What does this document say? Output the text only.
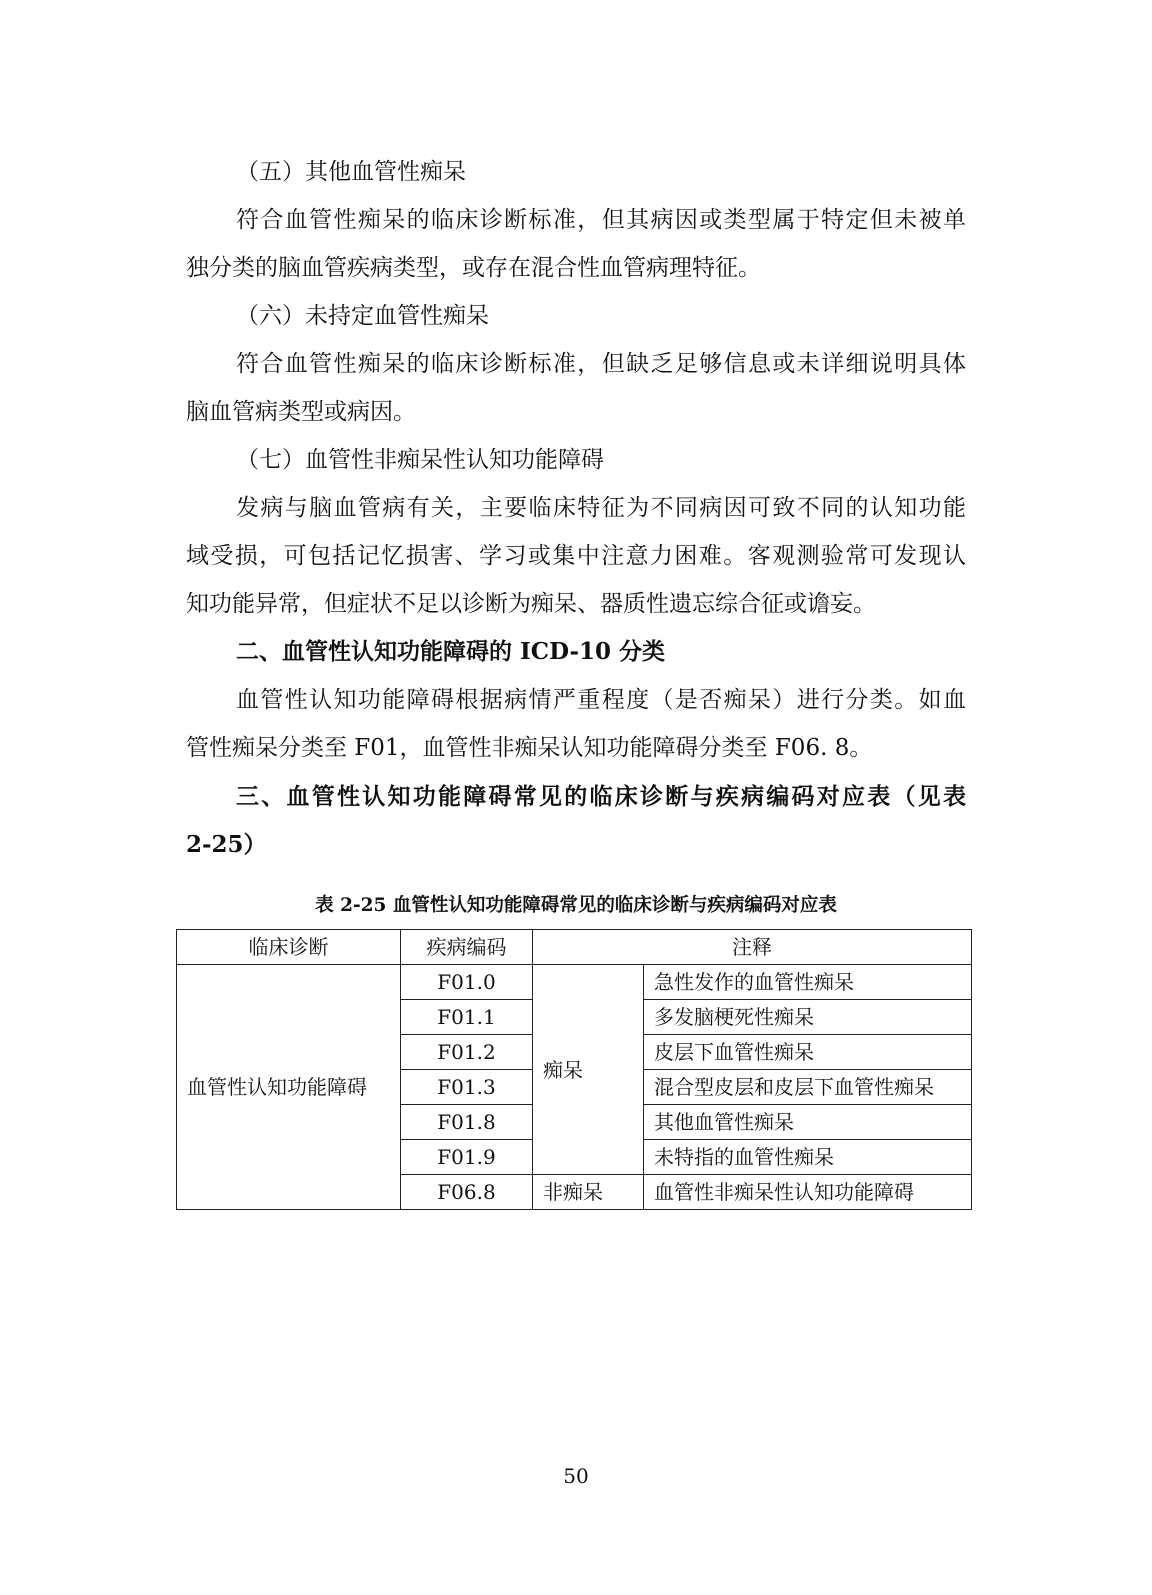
（五）其他血管性痴呆
符合血管性痴呆的临床诊断标准，但其病因或类型属于特定但未被单
独分类的脑血管疾病类型，或存在混合性血管病理特征。
（六）未持定血管性痴呆
符合血管性痴呆的临床诊断标准，但缺乏足够信息或未详细说明具体
脑血管病类型或病因。
（七）血管性非痴呆性认知功能障碍
发病与脑血管病有关，主要临床特征为不同病因可致不同的认知功能
域受损，可包括记忆损害、学习或集中注意力困难。客观测验常可发现认
知功能异常，但症状不足以诊断为痴呆、器质性遗忘综合征或谵妄。
二、血管性认知功能障碍的 ICD-10 分类
血管性认知功能障碍根据病情严重程度（是否痴呆）进行分类。如血
管性痴呆分类至 F01，血管性非痴呆认知功能障碍分类至 F06. 8。
三、血管性认知功能障碍常见的临床诊断与疾病编码对应表（见表
2-25）
表 2-25 血管性认知功能障碍常见的临床诊断与疾病编码对应表
临床诊断	疾病编码	注释	
血管性认知功能障碍	F01.0	痴呆	急性发作的血管性痴呆
	F01.1		多发脑梗死性痴呆
	F01.2		皮层下血管性痴呆
	F01.3		混合型皮层和皮层下血管性痴呆
	F01.8		其他血管性痴呆
	F01.9		未特指的血管性痴呆
	F06.8	非痴呆	血管性非痴呆性认知功能障碍
50
